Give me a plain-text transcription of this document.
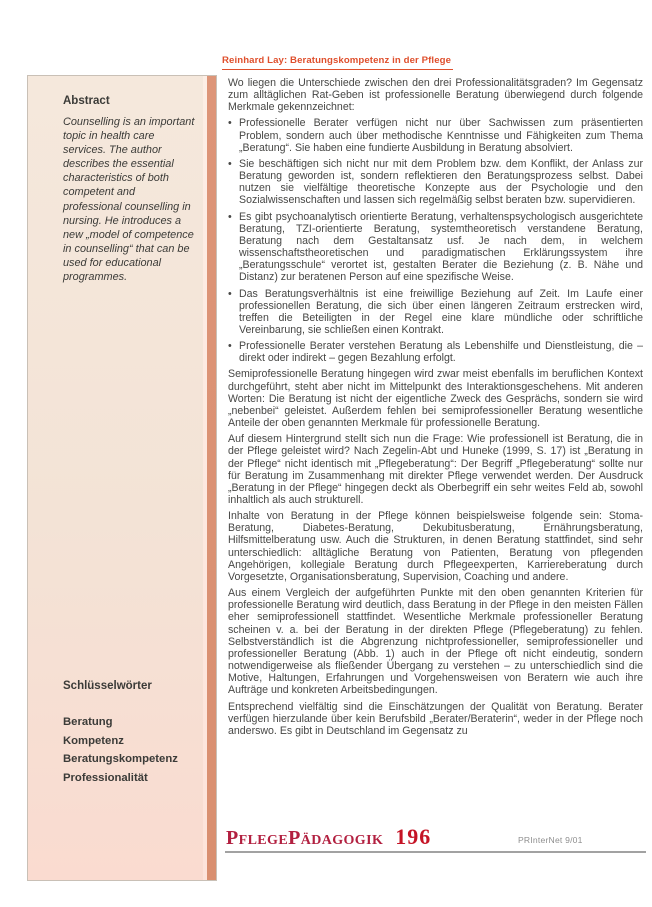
Abstract

Counselling is an important topic in health care services. The author describes the essential characteristics of both competent and professional counselling in nursing. He introduces a new „model of competence in counselling“ that can be used for educational programmes.

Schlüsselwörter

Beratung

Kompetenz

Beratungskompetenz

Professionalität

Reinhard Lay: Beratungskompetenz in der Pflege

Wo liegen die Unterschiede zwischen den drei Professionalitätsgraden? Im Gegensatz zum alltäglichen Rat-Geben ist professionelle Beratung überwiegend durch folgende Merkmale gekennzeichnet:

• Professionelle Berater verfügen nicht nur über Sachwissen zum präsentierten Problem, sondern auch über methodische Kenntnisse und Fähigkeiten zum Thema „Beratung“. Sie haben eine fundierte Ausbildung in Beratung absolviert.
• Sie beschäftigen sich nicht nur mit dem Problem bzw. dem Konflikt, der Anlass zur Beratung geworden ist, sondern reflektieren den Beratungsprozess selbst. Dabei nutzen sie vielfältige theoretische Konzepte aus der Psychologie und den Sozialwissenschaften und lassen sich regelmäßig selbst beraten bzw. supervidieren.
• Es gibt psychoanalytisch orientierte Beratung, verhaltenspsychologisch ausgerichtete Beratung, TZI-orientierte Beratung, systemtheoretisch verstandene Beratung, Beratung nach dem Gestaltansatz usf. Je nach dem, in welchem wissenschaftstheoretischen und paradigmatischen Erklärungssystem ihre „Beratungsschule“ verortet ist, gestalten Berater die Beziehung (z. B. Nähe und Distanz) zur beratenen Person auf eine spezifische Weise.
• Das Beratungsverhältnis ist eine freiwillige Beziehung auf Zeit. Im Laufe einer professionellen Beratung, die sich über einen längeren Zeitraum erstrecken wird, treffen die Beteiligten in der Regel eine klare mündliche oder schriftliche Vereinbarung, sie schließen einen Kontrakt.
• Professionelle Berater verstehen Beratung als Lebenshilfe und Dienstleistung, die – direkt oder indirekt – gegen Bezahlung erfolgt.

Semiprofessionelle Beratung hingegen wird zwar meist ebenfalls im beruflichen Kontext durchgeführt, steht aber nicht im Mittelpunkt des Interaktionsgeschehens. Mit anderen Worten: Die Beratung ist nicht der eigentliche Zweck des Gesprächs, sondern sie wird „nebenbei“ geleistet. Außerdem fehlen bei semiprofessioneller Beratung wesentliche Anteile der oben genannten Merkmale für professionelle Beratung.

Auf diesem Hintergrund stellt sich nun die Frage: Wie professionell ist Beratung, die in der Pflege geleistet wird? Nach Zegelin-Abt und Huneke (1999, S. 17) ist „Beratung in der Pflege“ nicht identisch mit „Pflegeberatung“: Der Begriff „Pflegeberatung“ sollte nur für Beratung im Zusammenhang mit direkter Pflege verwendet werden. Der Ausdruck „Beratung in der Pflege“ hingegen deckt als Oberbegriff ein sehr weites Feld ab, sowohl inhaltlich als auch strukturell.

Inhalte von Beratung in der Pflege können beispielsweise folgende sein: Stoma-Beratung, Diabetes-Beratung, Dekubitusberatung, Ernährungsberatung, Hilfsmittelberatung usw. Auch die Strukturen, in denen Beratung stattfindet, sind sehr unterschiedlich: alltägliche Beratung von Patienten, Beratung von pflegenden Angehörigen, kollegiale Beratung durch Pflegeexperten, Karriereberatung durch Vorgesetzte, Organisationsberatung, Supervision, Coaching und andere.

Aus einem Vergleich der aufgeführten Punkte mit den oben genannten Kriterien für professionelle Beratung wird deutlich, dass Beratung in der Pflege in den meisten Fällen eher semiprofessionell stattfindet. Wesentliche Merkmale professioneller Beratung scheinen v. a. bei der Beratung in der direkten Pflege (Pflegeberatung) zu fehlen. Selbstverständlich ist die Abgrenzung nichtprofessioneller, semiprofessioneller und professioneller Beratung (Abb. 1) auch in der Pflege oft nicht eindeutig, sondern notwendigerweise als fließender Übergang zu verstehen – zu unterschiedlich sind die Motive, Haltungen, Erfahrungen und Vorgehensweisen von Beratern wie auch ihre Aufträge und konkreten Arbeitsbedingungen.

Entsprechend vielfältig sind die Einschätzungen der Qualität von Beratung. Berater verfügen hierzulande über kein Berufsbild „Berater/Beraterin“, weder in der Pflege noch anderswo. Es gibt in Deutschland im Gegensatz zu

PflegePädagogik 196	PRInterNet 9/01
